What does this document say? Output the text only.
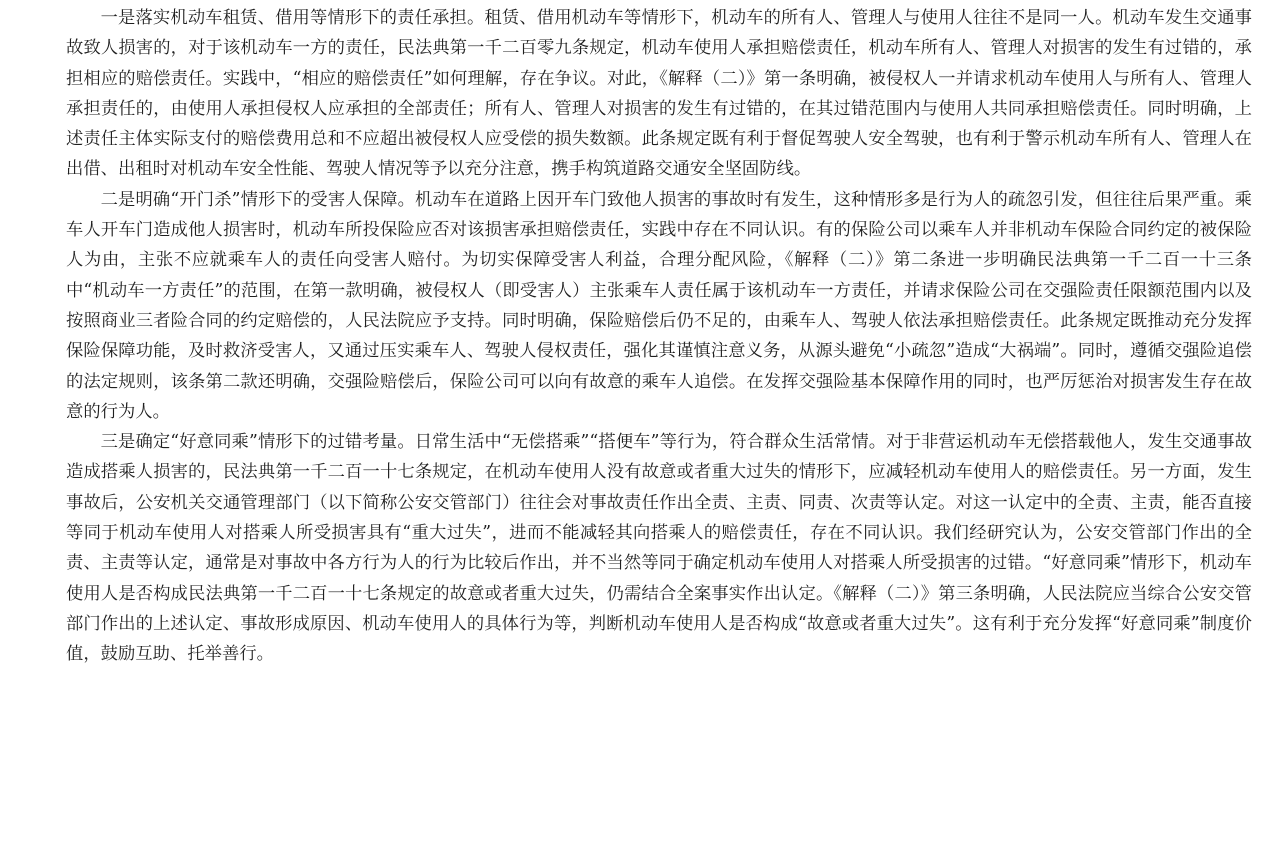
一是落实机动车租赁、借用等情形下的责任承担。租赁、借用机动车等情形下，机动车的所有人、管理人与使用人往往不是同一人。机动车发生交通事故致人损害的，对于该机动车一方的责任，民法典第一千二百零九条规定，机动车使用人承担赔偿责任，机动车所有人、管理人对损害的发生有过错的，承担相应的赔偿责任。实践中，“相应的赔偿责任”如何理解，存在争议。对此，《解释（二）》第一条明确，被侵权人一并请求机动车使用人与所有人、管理人承担责任的，由使用人承担侵权人应承担的全部责任；所有人、管理人对损害的发生有过错的，在其过错范围内与使用人共同承担赔偿责任。同时明确，上述责任主体实际支付的赔偿费用总和不应超出被侵权人应受偿的损失数额。此条规定既有利于督促驾驶人安全驾驶，也有利于警示机动车所有人、管理人在出借、出租时对机动车安全性能、驾驶人情况等予以充分注意，携手构筑道路交通安全坚固防线。

二是明确“开门杀”情形下的受害人保障。机动车在道路上因开车门致他人损害的事故时有发生，这种情形多是行为人的疏忽引发，但往往后果严重。乘车人开车门造成他人损害时，机动车所投保险应否对该损害承担赔偿责任，实践中存在不同认识。有的保险公司以乘车人并非机动车保险合同约定的被保险人为由，主张不应就乘车人的责任向受害人赔付。为切实保障受害人利益，合理分配风险，《解释（二）》第二条进一步明确民法典第一千二百一十三条中“机动车一方责任”的范围，在第一款明确，被侵权人（即受害人）主张乘车人责任属于该机动车一方责任，并请求保险公司在交强险责任限额范围内以及按照商业三者险合同的约定赔偿的，人民法院应予支持。同时明确，保险赔偿后仍不足的，由乘车人、驾驶人依法承担赔偿责任。此条规定既推动充分发挥保险保障功能，及时救济受害人，又通过压实乘车人、驾驶人侵权责任，强化其谨慎注意义务，从源头避免“小疏忽”造成“大祸端”。同时，遵循交强险追偿的法定规则，该条第二款还明确，交强险赔偿后，保险公司可以向有故意的乘车人追偿。在发挥交强险基本保障作用的同时，也严厉惩治对损害发生存在故意的行为人。

三是确定“好意同乘”情形下的过错考量。日常生活中“无偿搭乘”“搭便车”等行为，符合群众生活常情。对于非营运机动车无偿搭载他人，发生交通事故造成搭乘人损害的，民法典第一千二百一十七条规定，在机动车使用人没有故意或者重大过失的情形下，应减轻机动车使用人的赔偿责任。另一方面，发生事故后，公安机关交通管理部门（以下简称公安交管部门）往往会对事故责任作出全责、主责、同责、次责等认定。对这一认定中的全责、主责，能否直接等同于机动车使用人对搭乘人所受损害具有“重大过失”，进而不能减轻其向搭乘人的赔偿责任，存在不同认识。我们经研究认为，公安交管部门作出的全责、主责等认定，通常是对事故中各方行为人的行为比较后作出，并不当然等同于确定机动车使用人对搭乘人所受损害的过错。“好意同乘”情形下，机动车使用人是否构成民法典第一千二百一十七条规定的故意或者重大过失，仍需结合全案事实作出认定。《解释（二）》第三条明确，人民法院应当综合公安交管部门作出的上述认定、事故形成原因、机动车使用人的具体行为等，判断机动车使用人是否构成“故意或者重大过失”。这有利于充分发挥“好意同乘”制度价值，鼓励互助、托举善行。
